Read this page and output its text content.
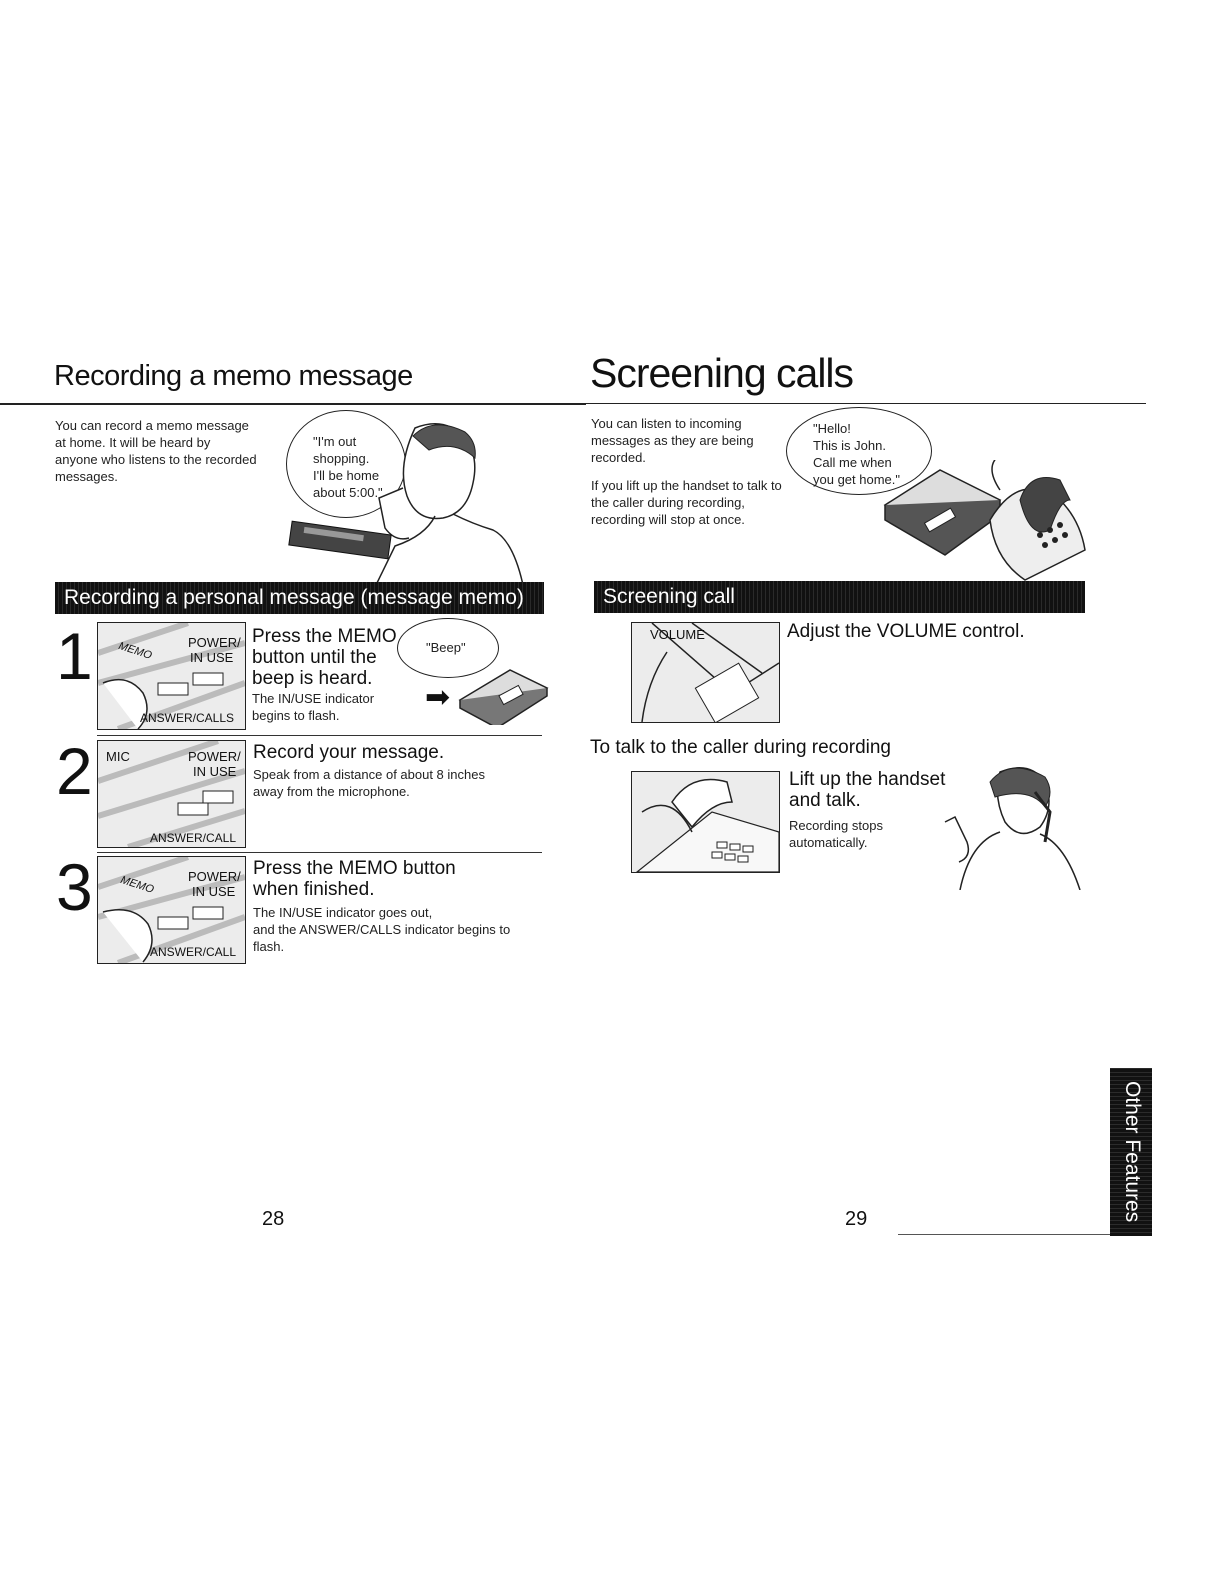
Recording a memo message
You can record a memo message
at home. It will be heard by
anyone who listens to the recorded
messages.
"I'm out
shopping.
I'll be home
about 5:00."
Recording a personal message (message memo)
1	POWER/
IN USE
MEMO
ANSWER/CALLS
Press the MEMO
button until the
beep is heard.
The IN/USE indicator
begins to flash.
"Beep"
➡
2 MIC	POWER/
IN USE
ANSWER/CALL
Record your message.
Speak from a distance of about 8 inches
away from the microphone.
3	POWER/
IN USE
MEMO
ANSWER/CALL
Press the MEMO button
when finished.
The IN/USE indicator goes out,
and the ANSWER/CALLS indicator begins to
flash.
28
Screening calls
You can listen to incoming
messages as they are being
recorded.
If you lift up the handset to talk to
the caller during recording,
recording will stop at once.
"Hello!
This is John.
Call me when
you get home."
Screening call
VOLUME	Adjust the VOLUME control.
To talk to the caller during recording
Lift up the handset
and talk.
Recording stops
automatically.
29	Other Features
